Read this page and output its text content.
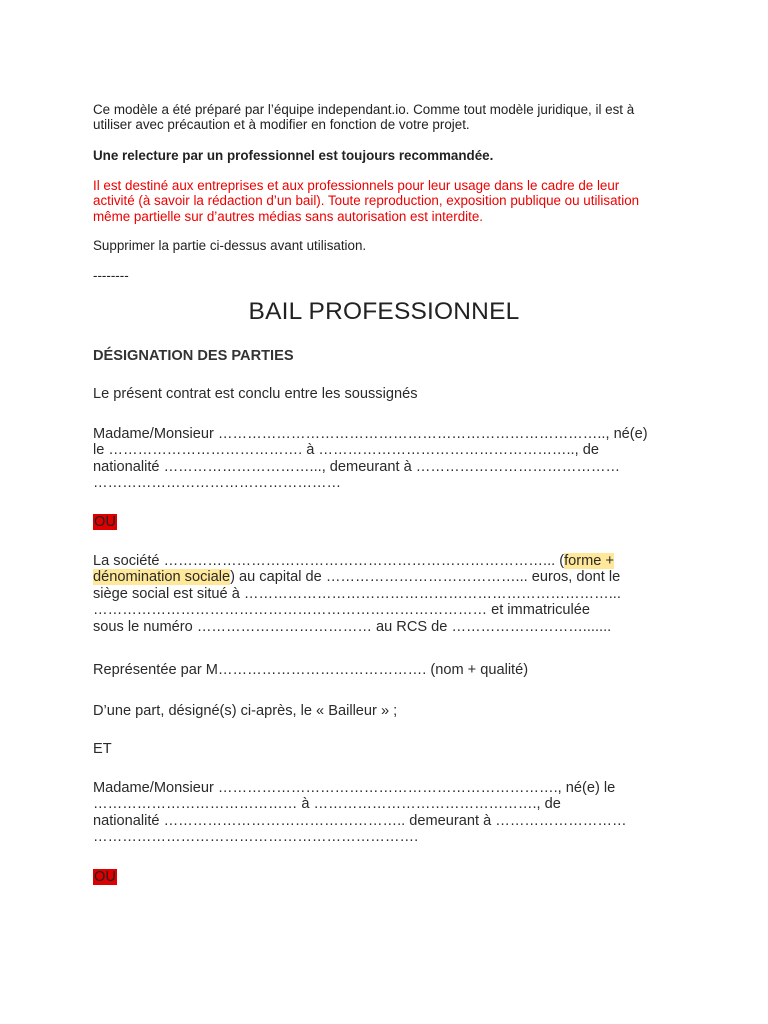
Ce modèle a été préparé par l’équipe independant.io. Comme tout modèle juridique, il est à
utiliser avec précaution et à modifier en fonction de votre projet.

Une relecture par un professionnel est toujours recommandée.

Il est destiné aux entreprises et aux professionnels pour leur usage dans le cadre de leur
activité (à savoir la rédaction d’un bail). Toute reproduction, exposition publique ou utilisation
même partielle sur d’autres médias sans autorisation est interdite.

Supprimer la partie ci-dessus avant utilisation.

--------

BAIL PROFESSIONNEL
DÉSIGNATION DES PARTIES

Le présent contrat est conclu entre les soussignés

Madame/Monsieur …………………………………………………………………….., né(e)
le …………………………………. à …………………………………………….., de
nationalité …………………………..., demeurant à ……………………………………
……………………………………………

OU

La société ……………………………………………………………………... (forme +
dénomination sociale) au capital de …………………………………... euros, dont le
siège social est situé à …………………………………………………………………...
……………………………………………………………………… et immatriculée
sous le numéro ……………………………… au RCS de ……………………….......

Représentée par M……………………………………. (nom + qualité)

D’une part, désigné(s) ci-après, le « Bailleur » ;

ET

Madame/Monsieur ……………………………………………………………., né(e) le
…………………………………… à ………………………………………., de
nationalité ………………………………………….. demeurant à ………………………
………………………………………………………….

OU
